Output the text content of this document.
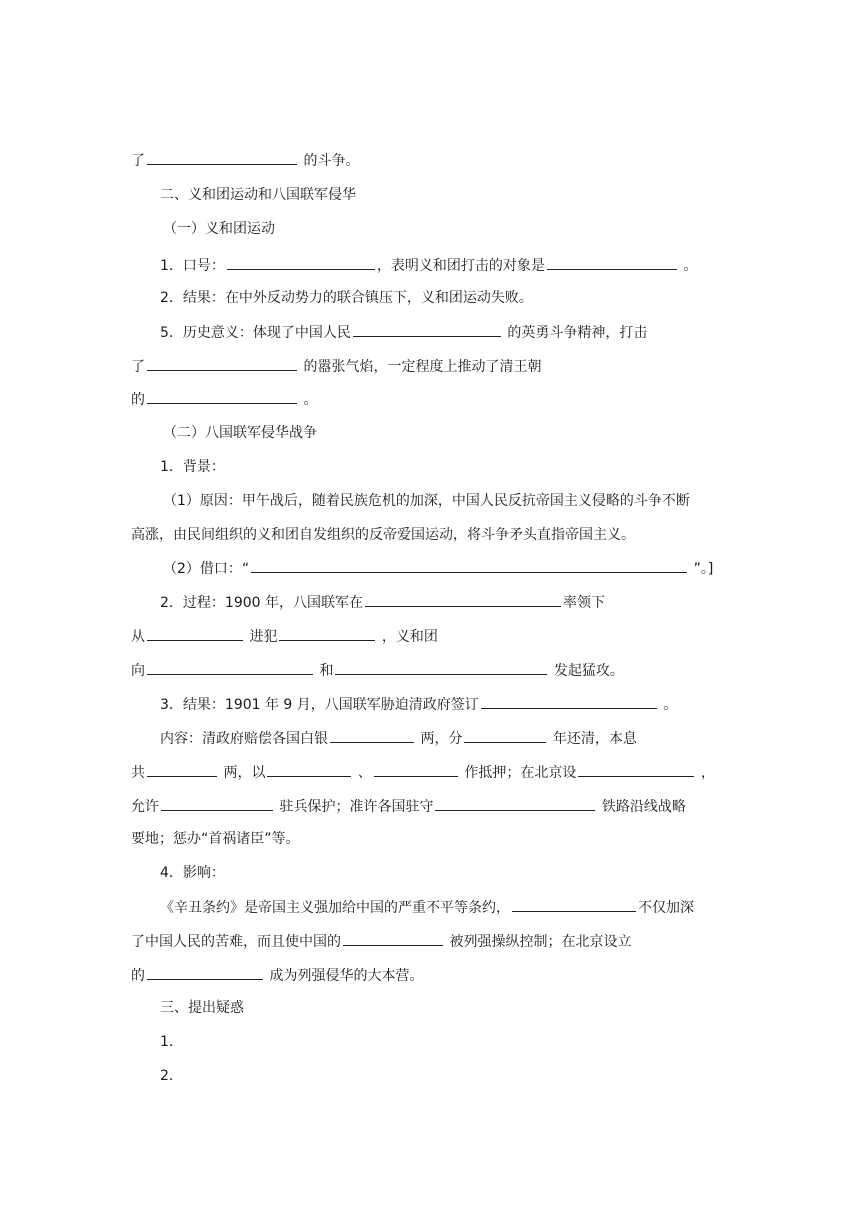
了	的斗争。
二、义和团运动和八国联军侵华
（一）义和团运动
1．口号：	，表明义和团打击的对象是	。
2．结果：在中外反动势力的联合镇压下，义和团运动失败。
5．历史意义：体现了中国人民	的英勇斗争精神，打击
了	的嚣张气焰，一定程度上推动了清王朝
的	。
（二）八国联军侵华战争
1．背景：
（1）原因：甲午战后，随着民族危机的加深，中国人民反抗帝国主义侵略的斗争不断
高涨，由民间组织的义和团自发组织的反帝爱国运动，将斗争矛头直指帝国主义。
（2）借口：“	”。]
2．过程：1900 年，八国联军在	率领下
从	进犯	，义和团
向	和	发起猛攻。
3．结果：1901 年 9 月，八国联军胁迫清政府签订	。
内容：清政府赔偿各国白银	两，分	年还清，本息
共	两，以	、	作抵押；在北京设	，
允许	驻兵保护；准许各国驻守	铁路沿线战略
要地；惩办“首祸诸臣”等。
4．影响：
《辛丑条约》是帝国主义强加给中国的严重不平等条约，	不仅加深
了中国人民的苦难，而且使中国的	被列强操纵控制；在北京设立
的	成为列强侵华的大本营。
三、提出疑惑
1．
2．
